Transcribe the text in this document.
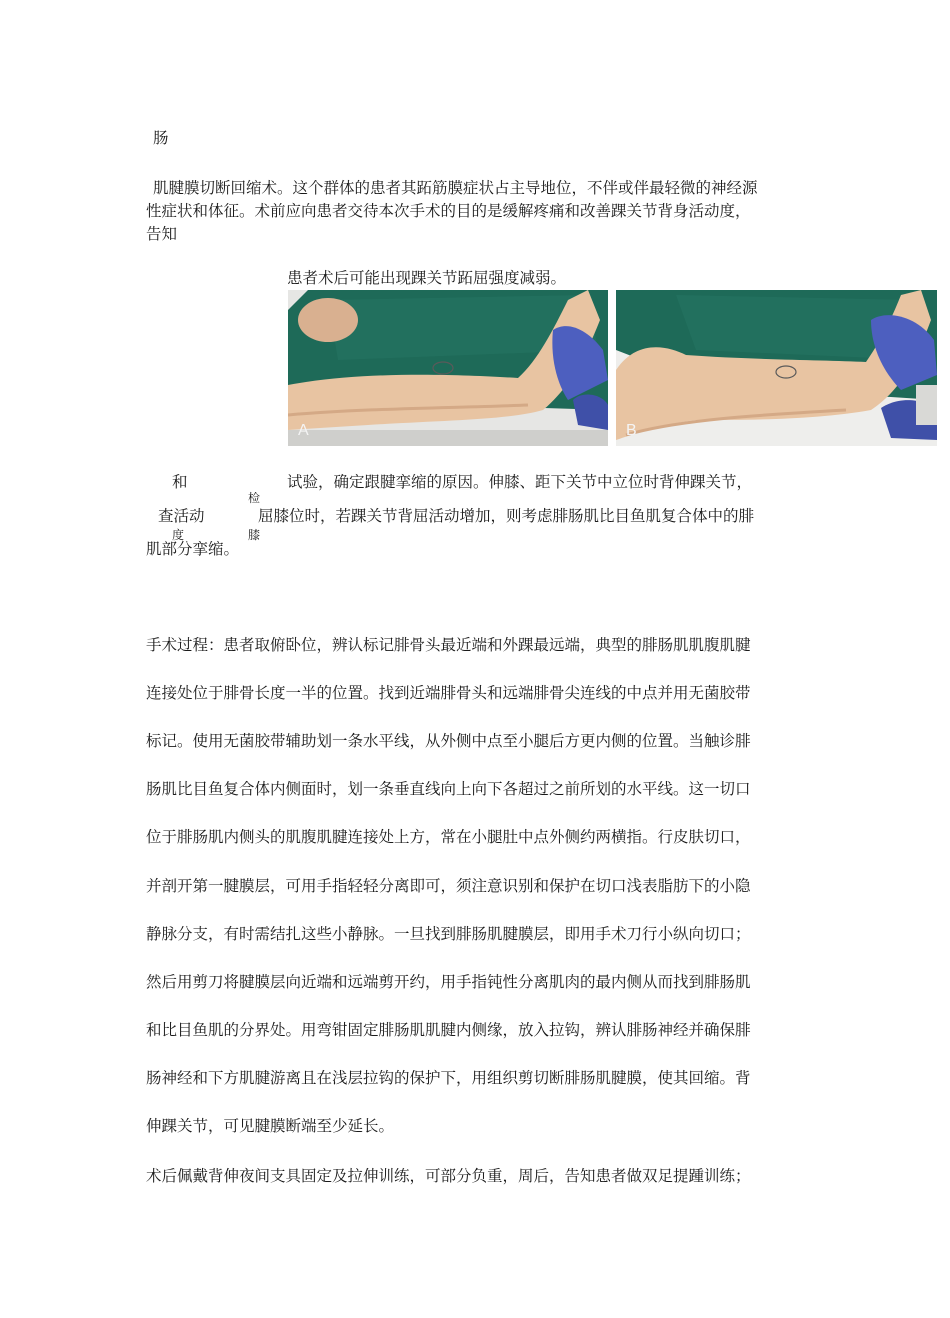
肠
肌腱膜切断回缩术。这个群体的患者其跖筋膜症状占主导地位，不伴或伴最轻微的神经源
性症状和体征。术前应向患者交待本次手术的目的是缓解疼痛和改善踝关节背身活动度，
告知
患者术后可能出现踝关节跖屈强度减弱。
A	B
和	试验，确定跟腱挛缩的原因。伸膝、距下关节中立位时背伸踝关节，
检
查活动	屈膝位时，若踝关节背屈活动增加，则考虑腓肠肌比目鱼肌复合体中的腓
度	膝
肌部分挛缩。
手术过程：患者取俯卧位，辨认标记腓骨头最近端和外踝最远端，典型的腓肠肌肌腹肌腱
连接处位于腓骨长度一半的位置。找到近端腓骨头和远端腓骨尖连线的中点并用无菌胶带
标记。使用无菌胶带辅助划一条水平线，从外侧中点至小腿后方更内侧的位置。当触诊腓
肠肌比目鱼复合体内侧面时，划一条垂直线向上向下各超过之前所划的水平线。这一切口
位于腓肠肌内侧头的肌腹肌腱连接处上方，常在小腿肚中点外侧约两横指。行皮肤切口，
并剖开第一腱膜层，可用手指轻轻分离即可，须注意识别和保护在切口浅表脂肪下的小隐
静脉分支，有时需结扎这些小静脉。一旦找到腓肠肌腱膜层，即用手术刀行小纵向切口；
然后用剪刀将腱膜层向近端和远端剪开约，用手指钝性分离肌肉的最内侧从而找到腓肠肌
和比目鱼肌的分界处。用弯钳固定腓肠肌肌腱内侧缘，放入拉钩，辨认腓肠神经并确保腓
肠神经和下方肌腱游离且在浅层拉钩的保护下，用组织剪切断腓肠肌腱膜，使其回缩。背
伸踝关节，可见腱膜断端至少延长。
术后佩戴背伸夜间支具固定及拉伸训练，可部分负重，周后，告知患者做双足提踵训练；
